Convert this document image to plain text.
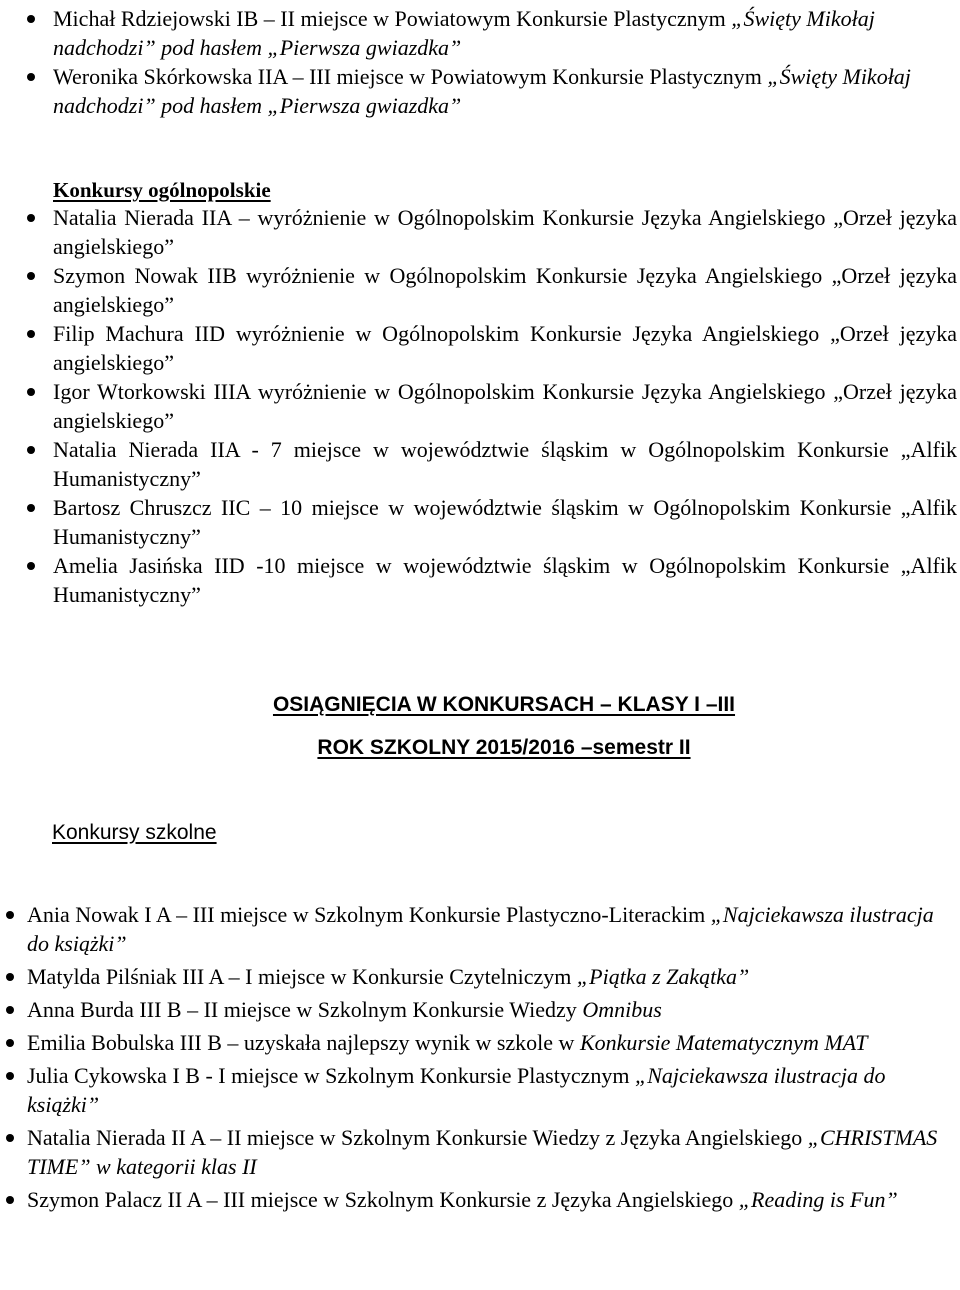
Michał Rdziejowski IB – II miejsce w Powiatowym Konkursie Plastycznym „Święty Mikołaj nadchodzi” pod hasłem „Pierwsza gwiazdka”
Weronika Skórkowska IIA – III miejsce w Powiatowym Konkursie Plastycznym „Święty Mikołaj nadchodzi” pod hasłem „Pierwsza gwiazdka”
Konkursy ogólnopolskie
Natalia Nierada IIA – wyróżnienie w Ogólnopolskim Konkursie Języka Angielskiego „Orzeł języka angielskiego”
Szymon Nowak IIB wyróżnienie w Ogólnopolskim Konkursie Języka Angielskiego „Orzeł języka angielskiego”
Filip Machura IID wyróżnienie w Ogólnopolskim Konkursie Języka Angielskiego „Orzeł języka angielskiego”
Igor Wtorkowski IIIA wyróżnienie w Ogólnopolskim Konkursie Języka Angielskiego „Orzeł języka angielskiego”
Natalia Nierada IIA - 7 miejsce w województwie śląskim w Ogólnopolskim Konkursie „Alfik Humanistyczny”
Bartosz Chruszcz IIC – 10 miejsce w województwie śląskim w Ogólnopolskim Konkursie „Alfik Humanistyczny”
Amelia Jasińska IID -10 miejsce w województwie śląskim w Ogólnopolskim Konkursie „Alfik Humanistyczny”
OSIĄGNIĘCIA W KONKURSACH – KLASY I –III
ROK SZKOLNY 2015/2016 –semestr II
Konkursy szkolne
Ania Nowak I A – III miejsce w Szkolnym Konkursie Plastyczno-Literackim „Najciekawsza ilustracja do książki”
Matylda Pilśniak III A – I miejsce w Konkursie Czytelniczym „Piątka z Zakątka”
Anna Burda III B – II miejsce w Szkolnym Konkursie Wiedzy Omnibus
Emilia Bobulska III B – uzyskała najlepszy wynik w szkole w Konkursie Matematycznym MAT
Julia Cykowska I B - I miejsce w Szkolnym Konkursie Plastycznym „Najciekawsza ilustracja do książki”
Natalia Nierada II A – II miejsce w Szkolnym Konkursie Wiedzy z Języka Angielskiego „CHRISTMAS TIME” w kategorii klas II
Szymon Palacz II A – III miejsce w Szkolnym Konkursie z Języka Angielskiego „Reading is Fun”
